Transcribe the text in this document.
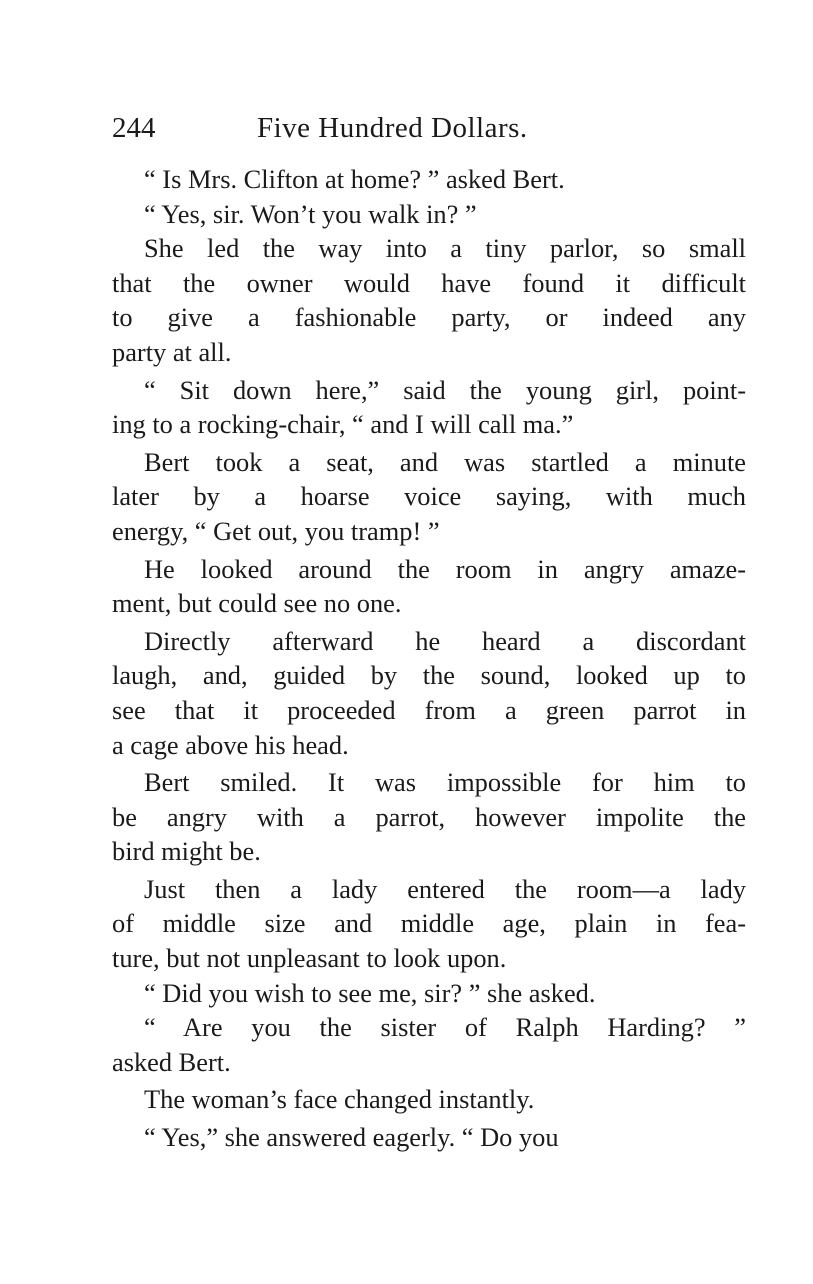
244	Five Hundred Dollars.
“ Is Mrs. Clifton at home? ” asked Bert.
“ Yes, sir. Won’t you walk in? ”
She led the way into a tiny parlor, so small
that the owner would have found it difficult
to give a fashionable party, or indeed any
party at all.
“ Sit down here,” said the young girl, point-
ing to a rocking-chair, “ and I will call ma.”
Bert took a seat, and was startled a minute
later by a hoarse voice saying, with much
energy, “ Get out, you tramp! ”
He looked around the room in angry amaze-
ment, but could see no one.
Directly afterward he heard a discordant
laugh, and, guided by the sound, looked up to
see that it proceeded from a green parrot in
a cage above his head.
Bert smiled. It was impossible for him to
be angry with a parrot, however impolite the
bird might be.
Just then a lady entered the room—a lady
of middle size and middle age, plain in fea-
ture, but not unpleasant to look upon.
“ Did you wish to see me, sir? ” she asked.
“ Are you the sister of Ralph Harding? ”
asked Bert.
The woman’s face changed instantly.
“ Yes,” she answered eagerly. “ Do you
